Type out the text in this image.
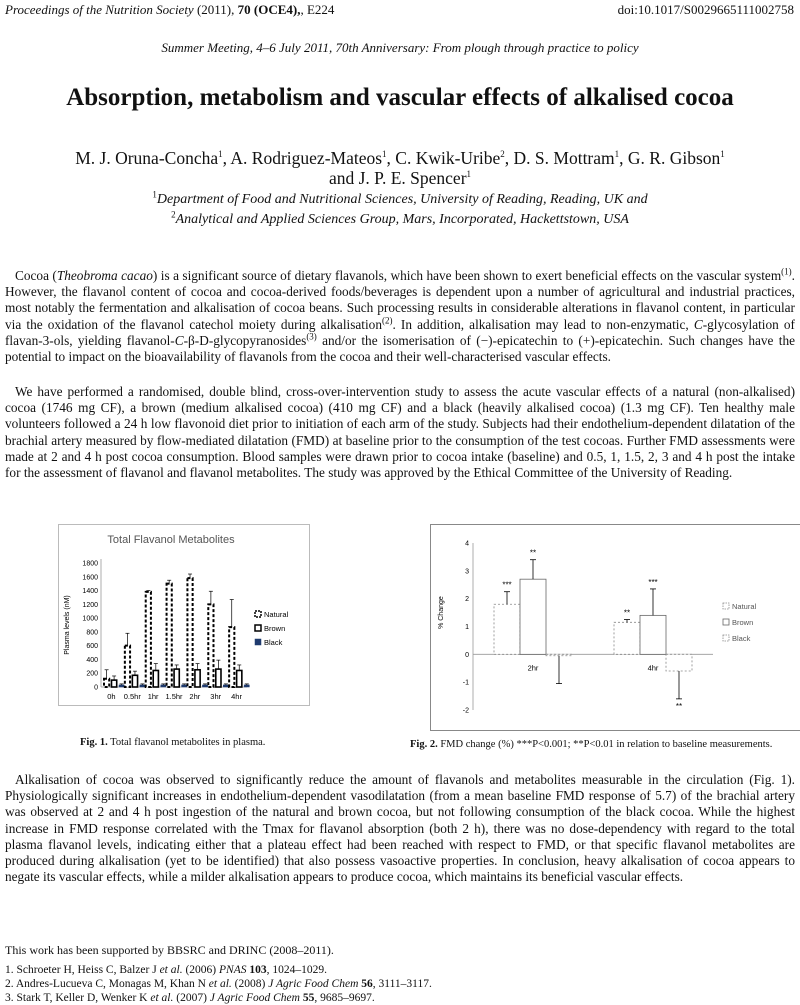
Proceedings of the Nutrition Society (2011), 70 (OCE4),, E224	doi:10.1017/S0029665111002758
Summer Meeting, 4–6 July 2011, 70th Anniversary: From plough through practice to policy
Absorption, metabolism and vascular effects of alkalised cocoa
M. J. Oruna-Concha$^1$, A. Rodriguez-Mateos$^1$, C. Kwik-Uribe$^2$, D. S. Mottram$^1$, G. R. Gibson$^1$
and J. P. E. Spencer$^1$
$^1$Department of Food and Nutritional Sciences, University of Reading, Reading, UK and
$^2$Analytical and Applied Sciences Group, Mars, Incorporated, Hackettstown, USA

Cocoa (Theobroma cacao) is a significant source of dietary flavanols, which have been shown to exert beneficial effects on the vascular system$^{(1)}$. However, the flavanol content of cocoa and cocoa-derived foods/beverages is dependent upon a number of agricultural and industrial practices, most notably the fermentation and alkalisation of cocoa beans. Such processing results in considerable alterations in flavanol content, in particular via the oxidation of the flavanol catechol moiety during alkalisation$^{(2)}$. In addition, alkalisation may lead to non-enzymatic, C-glycosylation of flavan-3-ols, yielding flavanol-C-β-D-glycopyranosides$^{(3)}$ and/or the isomerisation of (−)-epicatechin to (+)-epicatechin. Such changes have the potential to impact on the bioavailability of flavanols from the cocoa and their well-characterised vascular effects.

We have performed a randomised, double blind, cross-over-intervention study to assess the acute vascular effects of a natural (non-alkalised) cocoa (1746 mg CF), a brown (medium alkalised cocoa) (410 mg CF) and a black (heavily alkalised cocoa) (1.3 mg CF). Ten healthy male volunteers followed a 24 h low flavonoid diet prior to initiation of each arm of the study. Subjects had their endothelium-dependent dilatation of the brachial artery measured by flow-mediated dilatation (FMD) at baseline prior to the consumption of the test cocoas. Further FMD assessments were made at 2 and 4 h post cocoa consumption. Blood samples were drawn prior to cocoa intake (baseline) and 0.5, 1, 1.5, 2, 3 and 4 h post the intake for the assessment of flavanol and flavanol metabolites. The study was approved by the Ethical Committee of the University of Reading.

Total Flavanol Metabolites
Plasma levels (nM)
0
200
400
600
800
1000
1200
1400
1600
1800
0h 0.5hr 1hr 1.5hr 2hr 3hr 4hr
Natural
Brown
Black
% Change
-2
-1
0
1
2
3
4
2hr
***
**
4hr
**
***
**
Natural
Brown
Black
Fig. 1. Total flavanol metabolites in plasma.	Fig. 2. FMD change (%) ***P<0.001; **P<0.01 in relation to baseline measurements.

Alkalisation of cocoa was observed to significantly reduce the amount of flavanols and metabolites measurable in the circulation (Fig. 1). Physiologically significant increases in endothelium-dependent vasodilatation (from a mean baseline FMD response of 5.7) of the brachial artery was observed at 2 and 4 h post ingestion of the natural and brown cocoa, but not following consumption of the black cocoa. While the highest increase in FMD response correlated with the Tmax for flavanol absorption (both 2 h), there was no dose-dependency with regard to the total plasma flavanol levels, indicating either that a plateau effect had been reached with respect to FMD, or that specific flavanol metabolites are produced during alkalisation (yet to be identified) that also possess vasoactive properties. In conclusion, heavy alkalisation of cocoa appears to negate its vascular effects, while a milder alkalisation appears to produce cocoa, which maintains its beneficial vascular effects.

This work has been supported by BBSRC and DRINC (2008–2011).
1. Schroeter H, Heiss C, Balzer J et al. (2006) PNAS 103, 1024–1029.
2. Andres-Lucueva C, Monagas M, Khan N et al. (2008) J Agric Food Chem 56, 3111–3117.
3. Stark T, Keller D, Wenker K et al. (2007) J Agric Food Chem 55, 9685–9697.
